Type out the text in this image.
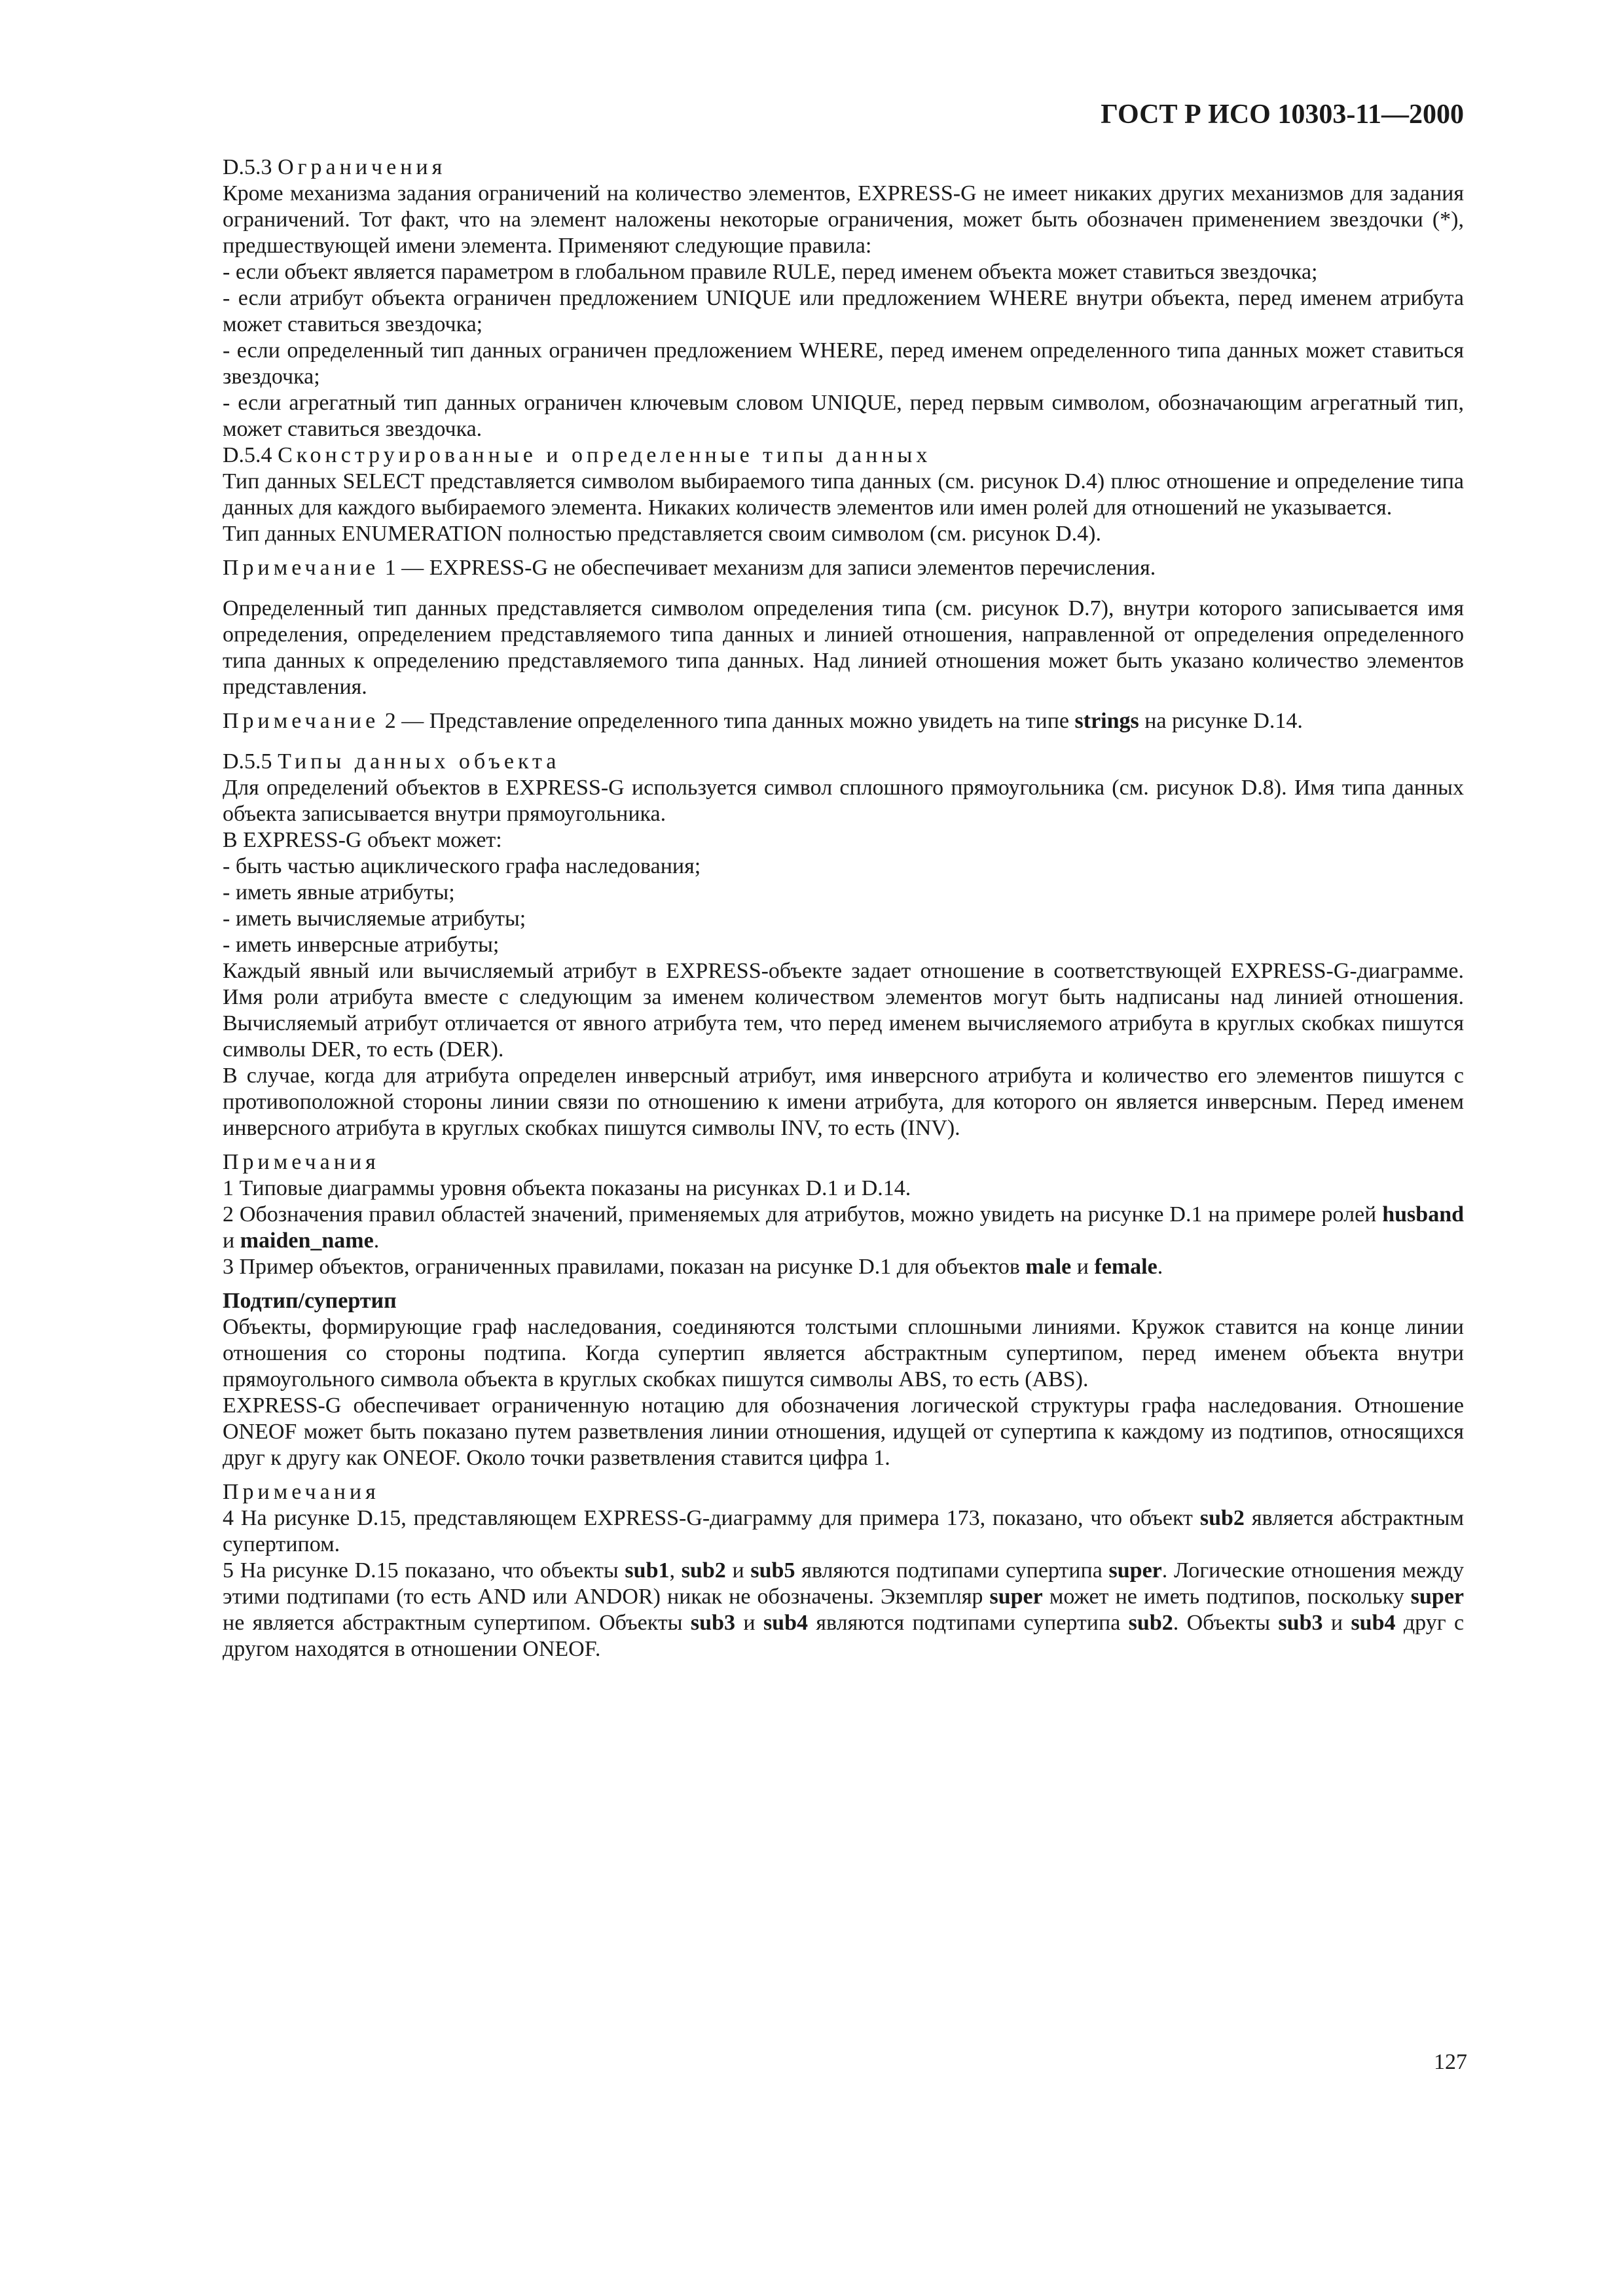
ГОСТ Р ИСО 10303-11—2000

D.5.3 Ограничения

Кроме механизма задания ограничений на количество элементов, EXPRESS-G не имеет никаких других механизмов для задания ограничений. Тот факт, что на элемент наложены некоторые ограничения, может быть обозначен применением звездочки (*), предшествующей имени элемента. Применяют следующие правила:

- если объект является параметром в глобальном правиле RULE, перед именем объекта может ставиться звездочка;

- если атрибут объекта ограничен предложением UNIQUE или предложением WHERE внутри объекта, перед именем атрибута может ставиться звездочка;

- если определенный тип данных ограничен предложением WHERE, перед именем определенного типа данных может ставиться звездочка;

- если агрегатный тип данных ограничен ключевым словом UNIQUE, перед первым символом, обозначающим агрегатный тип, может ставиться звездочка.

D.5.4 Сконструированные и определенные типы данных

Тип данных SELECT представляется символом выбираемого типа данных (см. рисунок D.4) плюс отношение и определение типа данных для каждого выбираемого элемента. Никаких количеств элементов или имен ролей для отношений не указывается.

Тип данных ENUMERATION полностью представляется своим символом (см. рисунок D.4).

Примечание 1 — EXPRESS-G не обеспечивает механизм для записи элементов перечисления.

Определенный тип данных представляется символом определения типа (см. рисунок D.7), внутри которого записывается имя определения, определением представляемого типа данных и линией отношения, направленной от определения определенного типа данных к определению представляемого типа данных. Над линией отношения может быть указано количество элементов представления.

Примечание 2 — Представление определенного типа данных можно увидеть на типе strings на рисунке D.14.

D.5.5 Типы данных объекта

Для определений объектов в EXPRESS-G используется символ сплошного прямоугольника (см. рисунок D.8). Имя типа данных объекта записывается внутри прямоугольника.

В EXPRESS-G объект может:

- быть частью ациклического графа наследования;

- иметь явные атрибуты;

- иметь вычисляемые атрибуты;

- иметь инверсные атрибуты;

Каждый явный или вычисляемый атрибут в EXPRESS-объекте задает отношение в соответствующей EXPRESS-G-диаграмме. Имя роли атрибута вместе с следующим за именем количеством элементов могут быть надписаны над линией отношения. Вычисляемый атрибут отличается от явного атрибута тем, что перед именем вычисляемого атрибута в круглых скобках пишутся символы DER, то есть (DER).

В случае, когда для атрибута определен инверсный атрибут, имя инверсного атрибута и количество его элементов пишутся с противоположной стороны линии связи по отношению к имени атрибута, для которого он является инверсным. Перед именем инверсного атрибута в круглых скобках пишутся символы INV, то есть (INV).

Примечания

1 Типовые диаграммы уровня объекта показаны на рисунках D.1 и D.14.

2 Обозначения правил областей значений, применяемых для атрибутов, можно увидеть на рисунке D.1 на примере ролей husband и maiden_name.

3 Пример объектов, ограниченных правилами, показан на рисунке D.1 для объектов male и female.

Подтип/супертип

Объекты, формирующие граф наследования, соединяются толстыми сплошными линиями. Кружок ставится на конце линии отношения со стороны подтипа. Когда супертип является абстрактным супертипом, перед именем объекта внутри прямоугольного символа объекта в круглых скобках пишутся символы ABS, то есть (ABS).

EXPRESS-G обеспечивает ограниченную нотацию для обозначения логической структуры графа наследования. Отношение ONEOF может быть показано путем разветвления линии отношения, идущей от супертипа к каждому из подтипов, относящихся друг к другу как ONEOF. Около точки разветвления ставится цифра 1.

Примечания

4 На рисунке D.15, представляющем EXPRESS-G-диаграмму для примера 173, показано, что объект sub2 является абстрактным супертипом.

5 На рисунке D.15 показано, что объекты sub1, sub2 и sub5 являются подтипами супертипа super. Логические отношения между этими подтипами (то есть AND или ANDOR) никак не обозначены. Экземпляр super может не иметь подтипов, поскольку super не является абстрактным супертипом. Объекты sub3 и sub4 являются подтипами супертипа sub2. Объекты sub3 и sub4 друг с другом находятся в отношении ONEOF.

127
